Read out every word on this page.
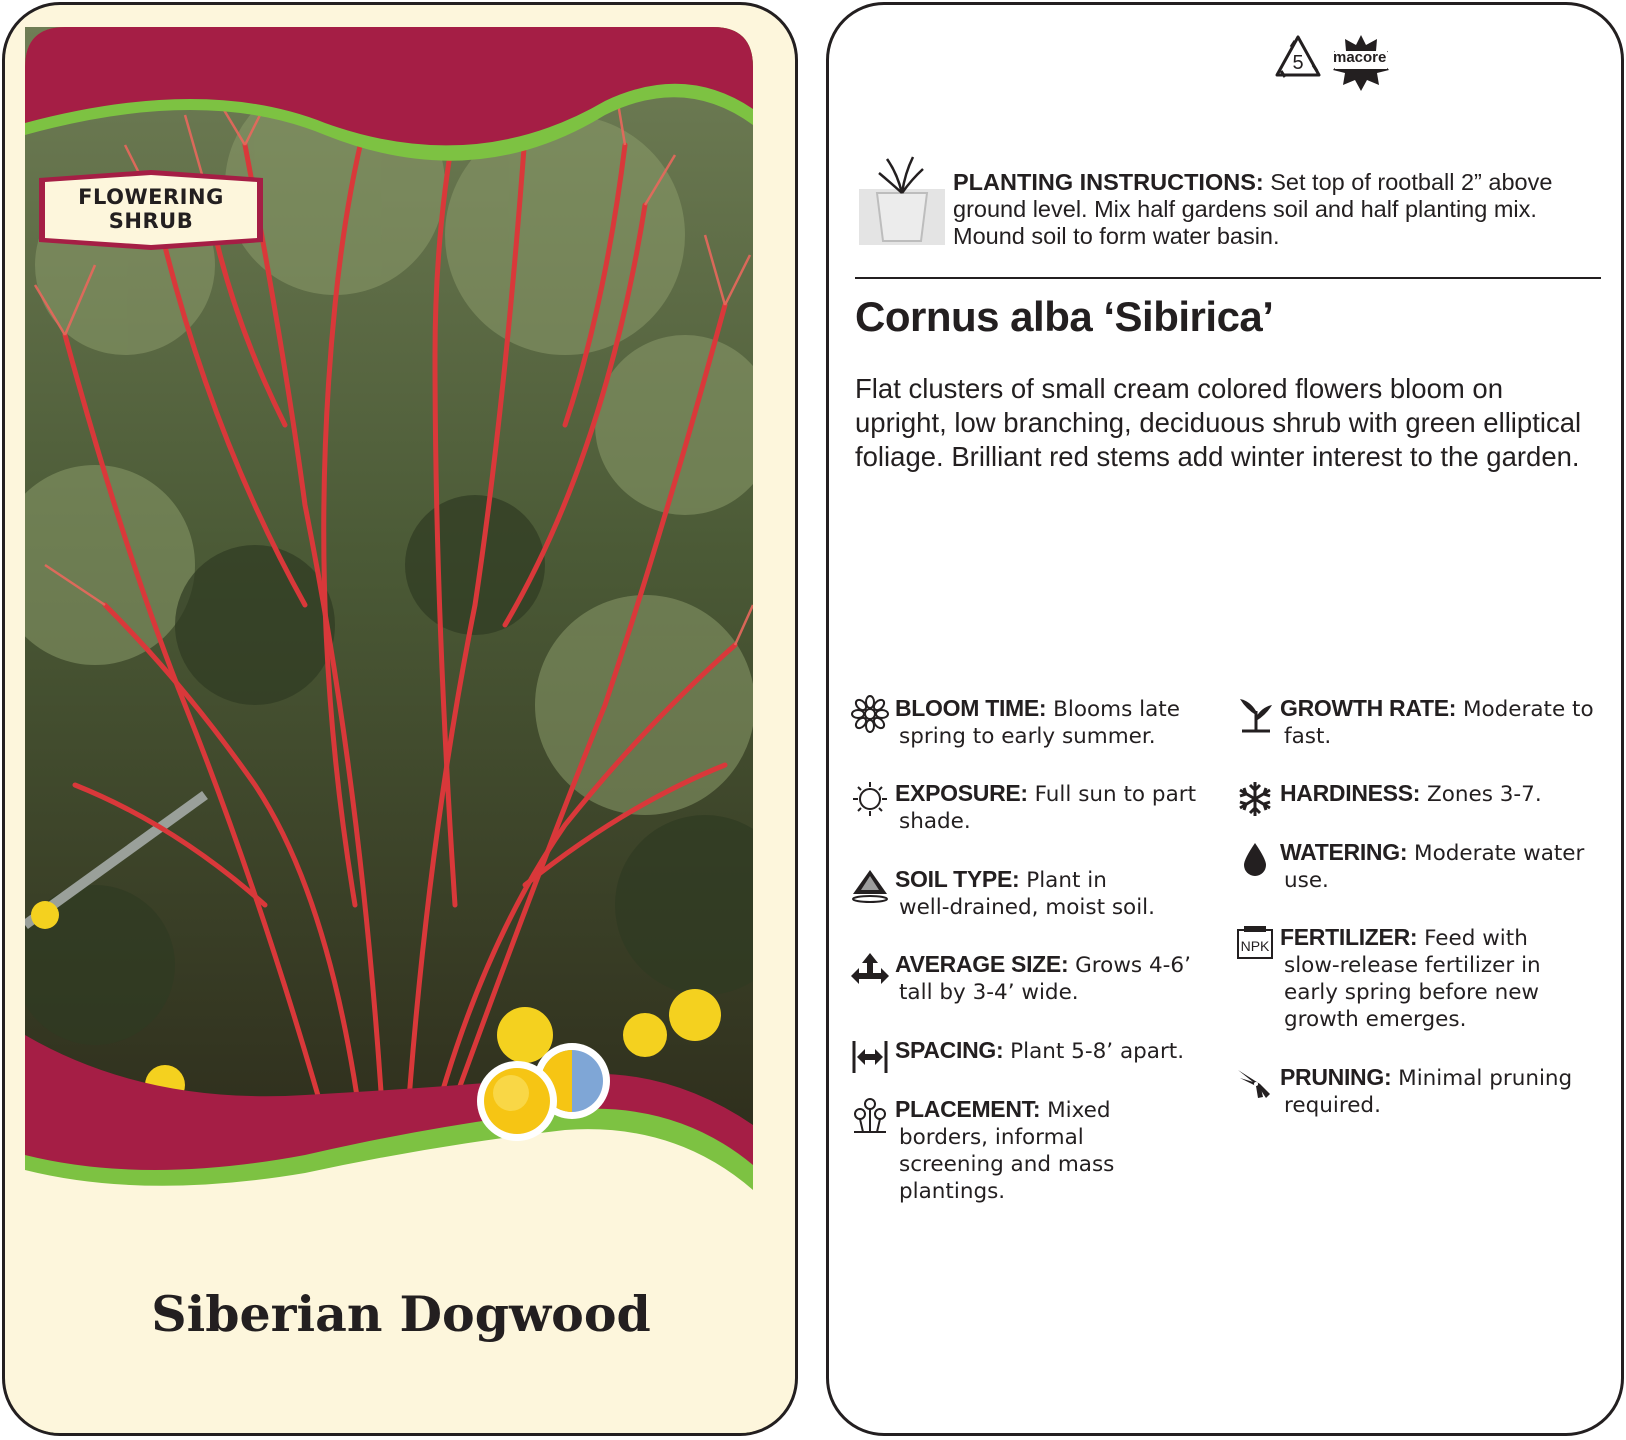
FLOWERING
SHRUB
Siberian Dogwood
5 macore
PLANTING INSTRUCTIONS: Set top of rootball 2” above ground level. Mix half gardens soil and half planting mix. Mound soil to form water basin.
Cornus alba ‘Sibirica’
Flat clusters of small cream colored flowers bloom on upright, low branching, deciduous shrub with green elliptical foliage. Brilliant red stems add winter interest to the garden.
BLOOM TIME: Blooms late
spring to early summer.
EXPOSURE: Full sun to part
shade.
SOIL TYPE: Plant in
well-drained, moist soil.
AVERAGE SIZE: Grows 4-6’
tall by 3-4’ wide.
SPACING: Plant 5-8’ apart.
PLACEMENT: Mixed
borders, informal
screening and mass
plantings.
GROWTH RATE: Moderate to
fast.
HARDINESS: Zones 3-7.
WATERING: Moderate water
use.
NPK FERTILIZER: Feed with
slow-release fertilizer in
early spring before new
growth emerges.
PRUNING: Minimal pruning
required.
